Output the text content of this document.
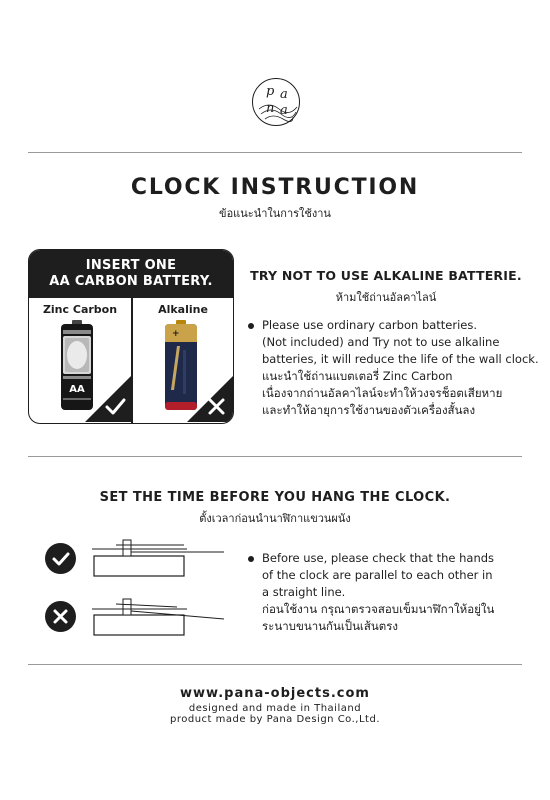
p a
n a
CLOCK INSTRUCTION
ข้อแนะนำในการใช้งาน
INSERT ONE
AA CARBON BATTERY.
Zinc Carbon	Alkaline
AA
+
TRY NOT TO USE ALKALINE BATTERIE.
ห้ามใช้ถ่านอัลคาไลน์
Please use ordinary carbon batteries.
(Not included) and Try not to use alkaline
batteries, it will reduce the life of the wall clock.
แนะนำใช้ถ่านแบตเตอรี่ Zinc Carbon
เนื่องจากถ่านอัลคาไลน์จะทำให้วงจรช็อตเสียหาย
และทำให้อายุการใช้งานของตัวเครื่องสั้นลง
SET THE TIME BEFORE YOU HANG THE CLOCK.
ตั้งเวลาก่อนนำนาฬิกาแขวนผนัง
Before use, please check that the hands
of the clock are parallel to each other in
a straight line.
ก่อนใช้งาน กรุณาตรวจสอบเข็มนาฬิกาให้อยู่ใน
ระนาบขนานกันเป็นเส้นตรง
www.pana-objects.com
designed and made in Thailand
product made by Pana Design Co.,Ltd.
